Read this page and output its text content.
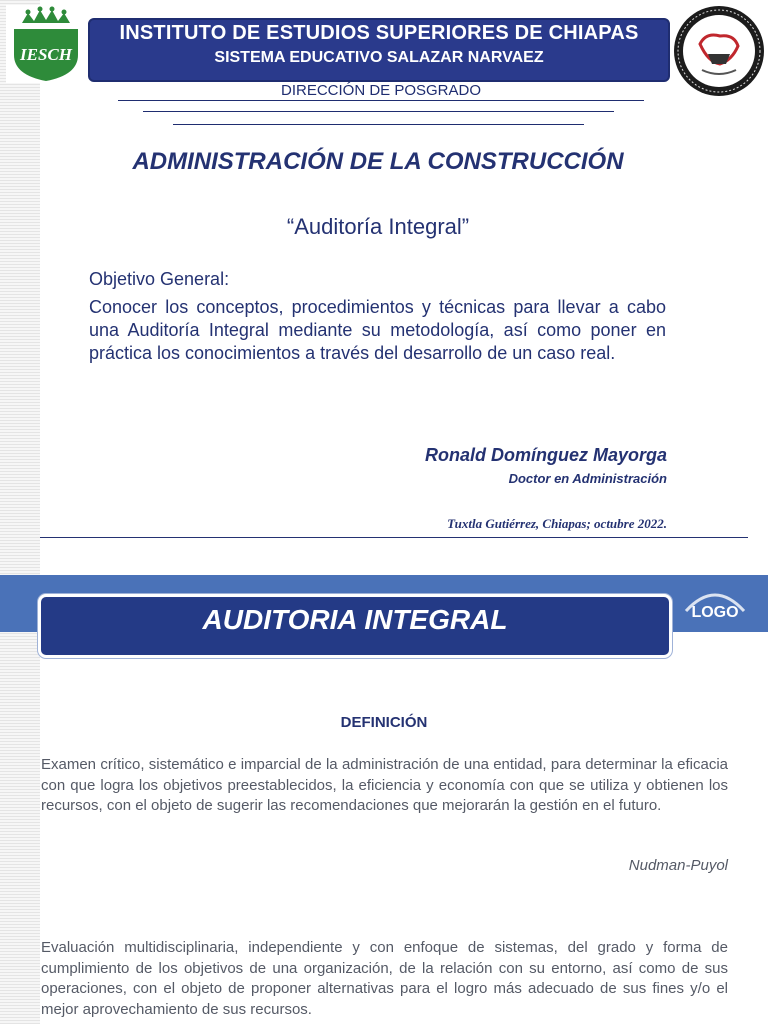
INSTITUTO DE ESTUDIOS SUPERIORES DE CHIAPAS
SISTEMA EDUCATIVO SALAZAR NARVAEZ
IESCH
DIRECCIÓN DE POSGRADO
ADMINISTRACIÓN DE LA CONSTRUCCIÓN
“Auditoría Integral”
Objetivo General:
Conocer los conceptos, procedimientos y técnicas para llevar a cabo una Auditoría Integral mediante su metodología, así como poner en práctica los conocimientos a través del desarrollo de un caso real.
Ronald Domínguez Mayorga
Doctor en Administración
Tuxtla Gutiérrez, Chiapas; octubre 2022.
LOGO
AUDITORIA INTEGRAL
DEFINICIÓN
Examen crítico, sistemático e imparcial de la administración de una entidad, para determinar la eficacia con que logra los objetivos preestablecidos, la eficiencia y economía con que se utiliza y obtienen los recursos, con el objeto de sugerir las recomendaciones que mejorarán la gestión en el futuro.
Nudman-Puyol
Evaluación multidisciplinaria, independiente y con enfoque de sistemas, del grado y forma de cumplimiento de los objetivos de una organización, de la relación con su entorno, así como de sus operaciones, con el objeto de proponer alternativas para el logro más adecuado de sus fines y/o el mejor aprovechamiento de sus recursos.
